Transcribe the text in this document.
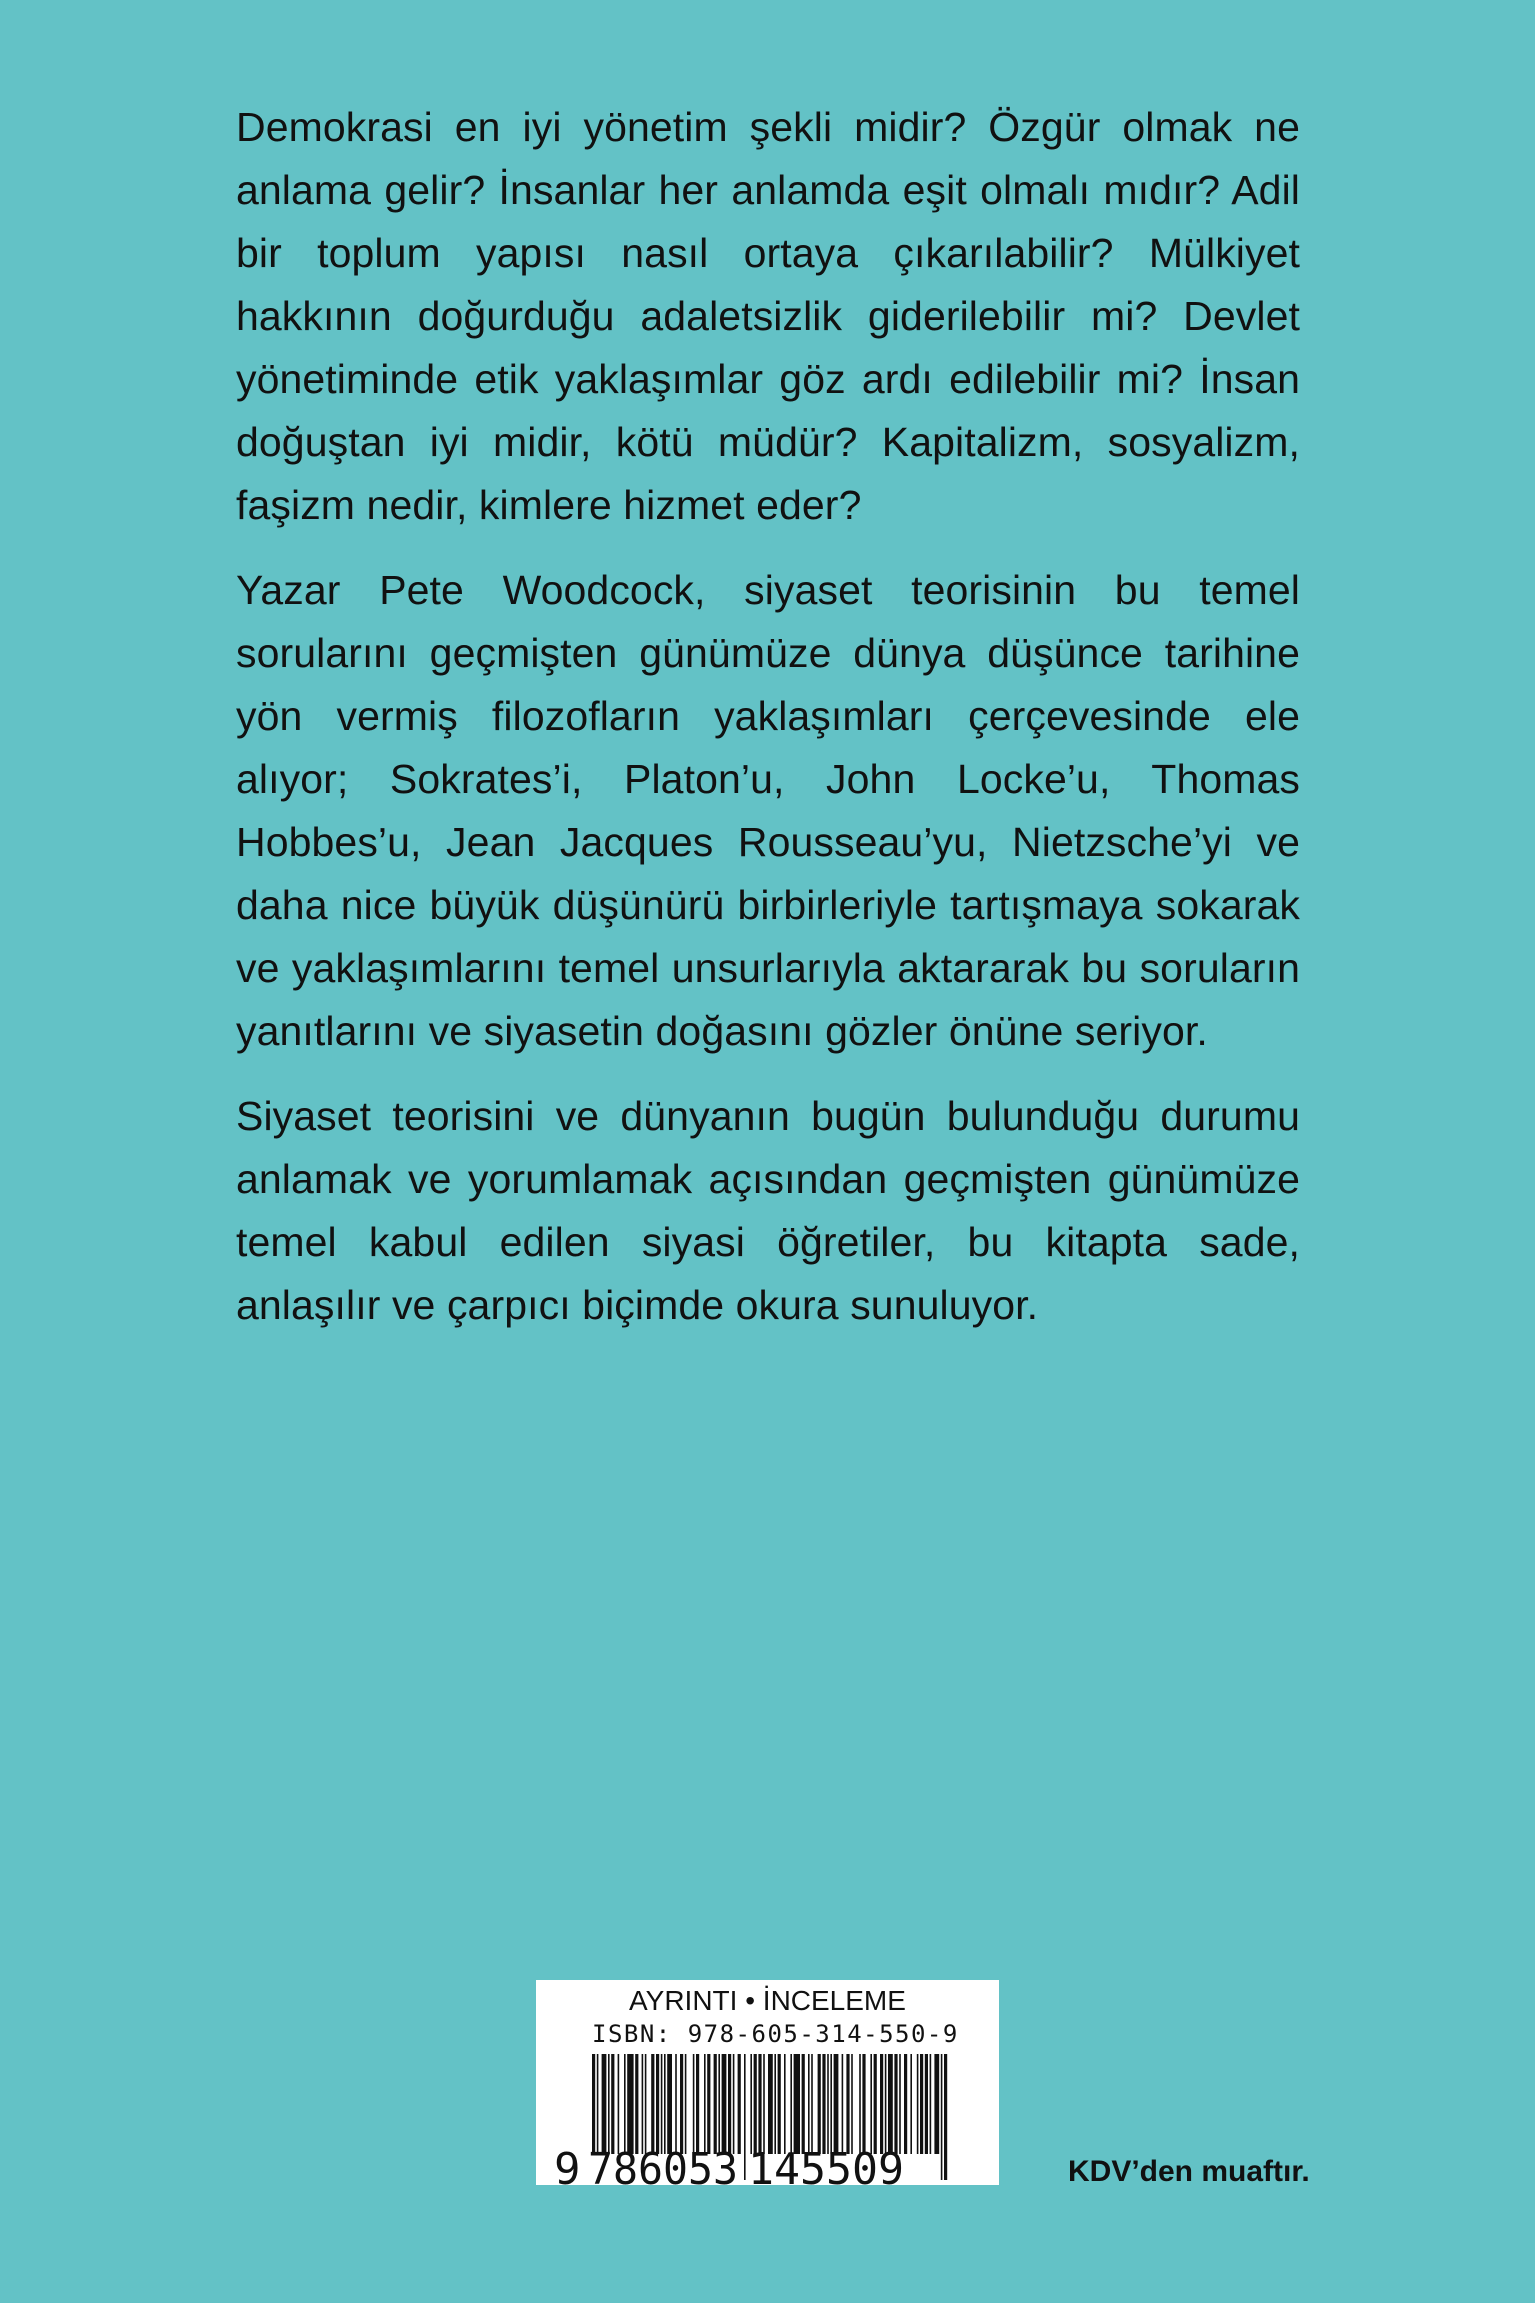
Demokrasi en iyi yönetim şekli midir? Özgür olmak ne anlama gelir? İnsanlar her anlamda eşit olmalı mıdır? Adil bir toplum yapısı nasıl ortaya çıkarılabilir? Mülkiyet hakkının doğurduğu adaletsizlik giderilebilir mi? Devlet yönetiminde etik yaklaşımlar göz ardı edilebilir mi? İnsan doğuştan iyi midir, kötü müdür? Kapitalizm, sosyalizm, faşizm nedir, kimlere hizmet eder?

Yazar Pete Woodcock, siyaset teorisinin bu temel sorularını geçmişten günümüze dünya düşünce tarihine yön vermiş filozofların yaklaşımları çerçevesinde ele alıyor; Sokrates’i, Platon’u, John Locke’u, Thomas Hobbes’u, Jean Jacques Rousseau’yu, Nietzsche’yi ve daha nice büyük düşünürü birbirleriyle tartışmaya sokarak ve yaklaşımlarını temel unsurlarıyla aktararak bu soruların yanıtlarını ve siyasetin doğasını gözler önüne seriyor.

Siyaset teorisini ve dünyanın bugün bulunduğu durumu anlamak ve yorumlamak açısından geçmişten günümüze temel kabul edilen siyasi öğretiler, bu kitapta sade, anlaşılır ve çarpıcı biçimde okura sunuluyor.

AYRINTI • İNCELEME
ISBN: 978-605-314-550-9
9 786053 145509	KDV’den muaftır.
